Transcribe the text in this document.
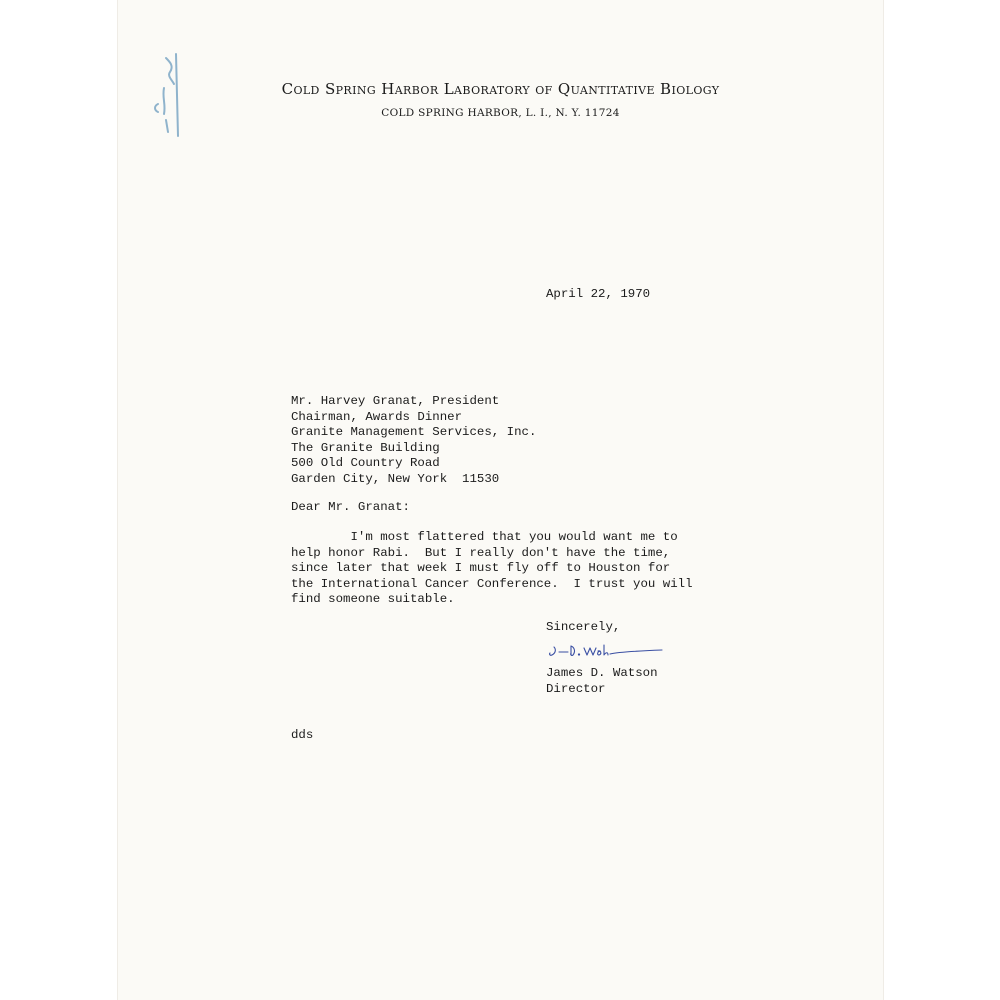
Cold Spring Harbor Laboratory of Quantitative Biology
COLD SPRING HARBOR, L. I., N. Y. 11724
April 22, 1970
Mr. Harvey Granat, President
Chairman, Awards Dinner
Granite Management Services, Inc.
The Granite Building
500 Old Country Road
Garden City, New York  11530
Dear Mr. Granat:
I'm most flattered that you would want me to
help honor Rabi.  But I really don't have the time,
since later that week I must fly off to Houston for
the International Cancer Conference.  I trust you will
find someone suitable.
Sincerely,
James D. Watson
Director
dds
